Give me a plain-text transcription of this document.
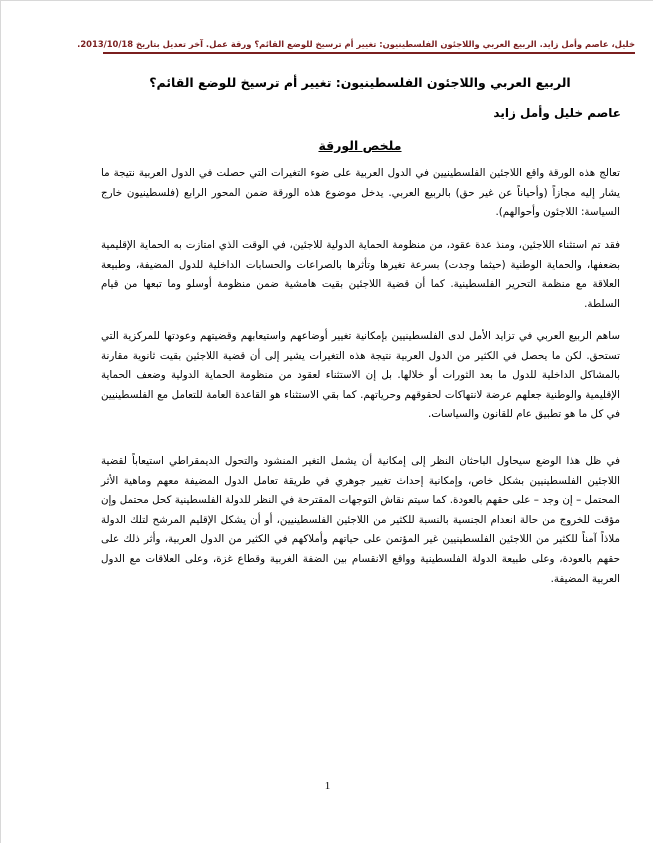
خليل، عاصم وأمل زايد. الربيع العربي واللاجئون الفلسطينيون: تغيير أم ترسيخ للوضع القائم؟ ورقة عمل. آخر تعديل بتاريخ 2013/10/18.
الربيع العربي واللاجئون الفلسطينيون: تغيير أم ترسيخ للوضع القائم؟
عاصم خليل وأمل زايد
ملخص الورقة

تعالج هذه الورقة واقع اللاجئين الفلسطينيين في الدول العربية على ضوء التغيرات التي حصلت في الدول العربية نتيجة ما يشار إليه مجازاً (وأحياناً عن غير حق) بالربيع العربي. يدخل موضوع هذه الورقة ضمن المحور الرابع (فلسطينيون خارج السياسة: اللاجئون وأحوالهم).

فقد تم استثناء اللاجئين، ومنذ عدة عقود، من منظومة الحماية الدولية للاجئين، في الوقت الذي امتازت به الحماية الإقليمية بضعفها، والحماية الوطنية (حيثما وجدت) بسرعة تغيرها وتأثرها بالصراعات والحسابات الداخلية للدول المضيفة، وطبيعة العلاقة مع منظمة التحرير الفلسطينية. كما أن قضية اللاجئين بقيت هامشية ضمن منظومة أوسلو وما تبعها من قيام السلطة.

ساهم الربيع العربي في تزايد الأمل لدى الفلسطينيين بإمكانية تغيير أوضاعهم واستيعابهم وقضيتهم وعودتها للمركزية التي تستحق. لكن ما يحصل في الكثير من الدول العربية نتيجة هذه التغيرات يشير إلى أن قضية اللاجئين بقيت ثانوية مقارنة بالمشاكل الداخلية للدول ما بعد الثورات أو خلالها. بل إن الاستثناء لعقود من منظومة الحماية الدولية وضعف الحماية الإقليمية والوطنية جعلهم عرضة لانتهاكات لحقوقهم وحرياتهم. كما بقي الاستثناء هو القاعدة العامة للتعامل مع الفلسطينيين في كل ما هو تطبيق عام للقانون والسياسات.

في ظل هذا الوضع سيحاول الباحثان النظر إلى إمكانية أن يشمل التغير المنشود والتحول الديمقراطي استيعاباً لقضية اللاجئين الفلسطينيين بشكل خاص، وإمكانية إحداث تغيير جوهري في طريقة تعامل الدول المضيفة معهم وماهية الأثر المحتمل – إن وجد – على حقهم بالعودة. كما سيتم نقاش التوجهات المقترحة في النظر للدولة الفلسطينية كحل محتمل وإن مؤقت للخروج من حالة انعدام الجنسية بالنسبة للكثير من اللاجئين الفلسطينيين، أو أن يشكل الإقليم المرشح لتلك الدولة ملاذاً آمناً للكثير من اللاجئين الفلسطينيين غير المؤتمن على حياتهم وأملاكهم في الكثير من الدول العربية، وأثر ذلك على حقهم بالعودة، وعلى طبيعة الدولة الفلسطينية وواقع الانقسام بين الضفة الغربية وقطاع غزة، وعلى العلاقات مع الدول العربية المضيفة.

1
